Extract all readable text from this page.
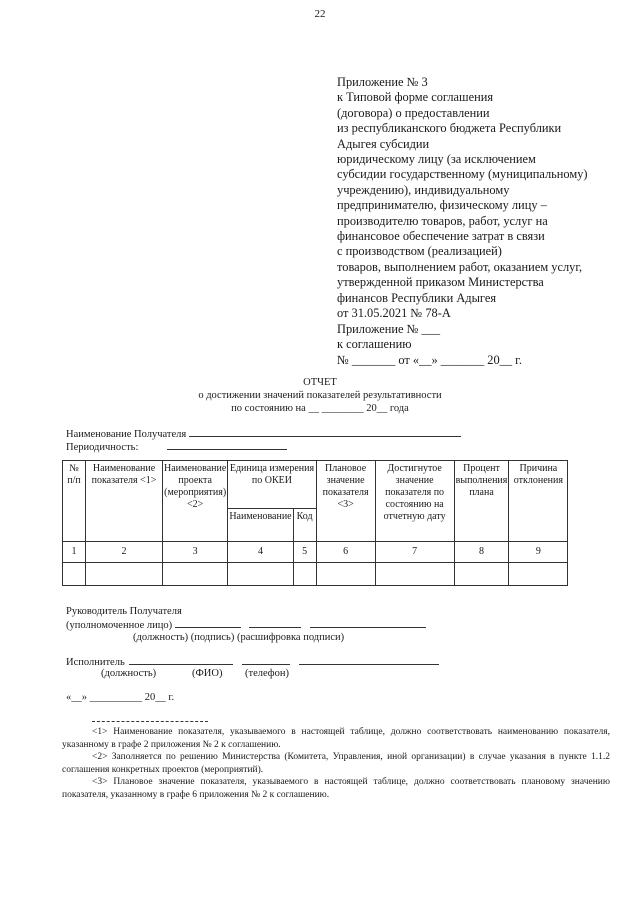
22
Приложение № 3
к Типовой форме соглашения
(договора) о предоставлении
из республиканского бюджета Республики
Адыгея субсидии
юридическому лицу (за исключением
субсидии государственному (муниципальному)
учреждению), индивидуальному
предпринимателю, физическому лицу –
производителю товаров, работ, услуг на
финансовое обеспечение затрат в связи
с производством (реализацией)
товаров, выполнением работ, оказанием услуг,
утвержденной приказом Министерства
финансов Республики Адыгея
от 31.05.2021 № 78-А
Приложение № ___
к соглашению
№ _______ от «__» _______ 20__ г.
ОТЧЕТ
о достижении значений показателей результативности
по состоянию на __ ________ 20__ года
Наименование Получателя
Периодичность:
№ п/п	Наименование показателя <1>	Наименование проекта (мероприятия) <2>	Единица измерения по ОКЕИ		Плановое значение показателя <3>	Достигнутое значение показателя по состоянию на отчетную дату	Процент выполнения плана	Причина отклонения
			Наименование	Код				
1	2	3	4	5	6	7	8	9

Руководитель Получателя
(уполномоченное лицо)
(должность) (подпись) (расшифровка подписи)
Исполнитель
(должность)	(ФИО) (телефон)
«__» __________ 20__ г.

<1> Наименование показателя, указываемого в настоящей таблице, должно соответствовать наименованию показателя, указанному в графе 2 приложения № 2 к соглашению.

<2> Заполняется по решению Министерства (Комитета, Управления, иной организации) в случае указания в пункте 1.1.2 соглашения конкретных проектов (мероприятий).

<3> Плановое значение показателя, указываемого в настоящей таблице, должно соответствовать плановому значению показателя, указанному в графе 6 приложения № 2 к соглашению.
